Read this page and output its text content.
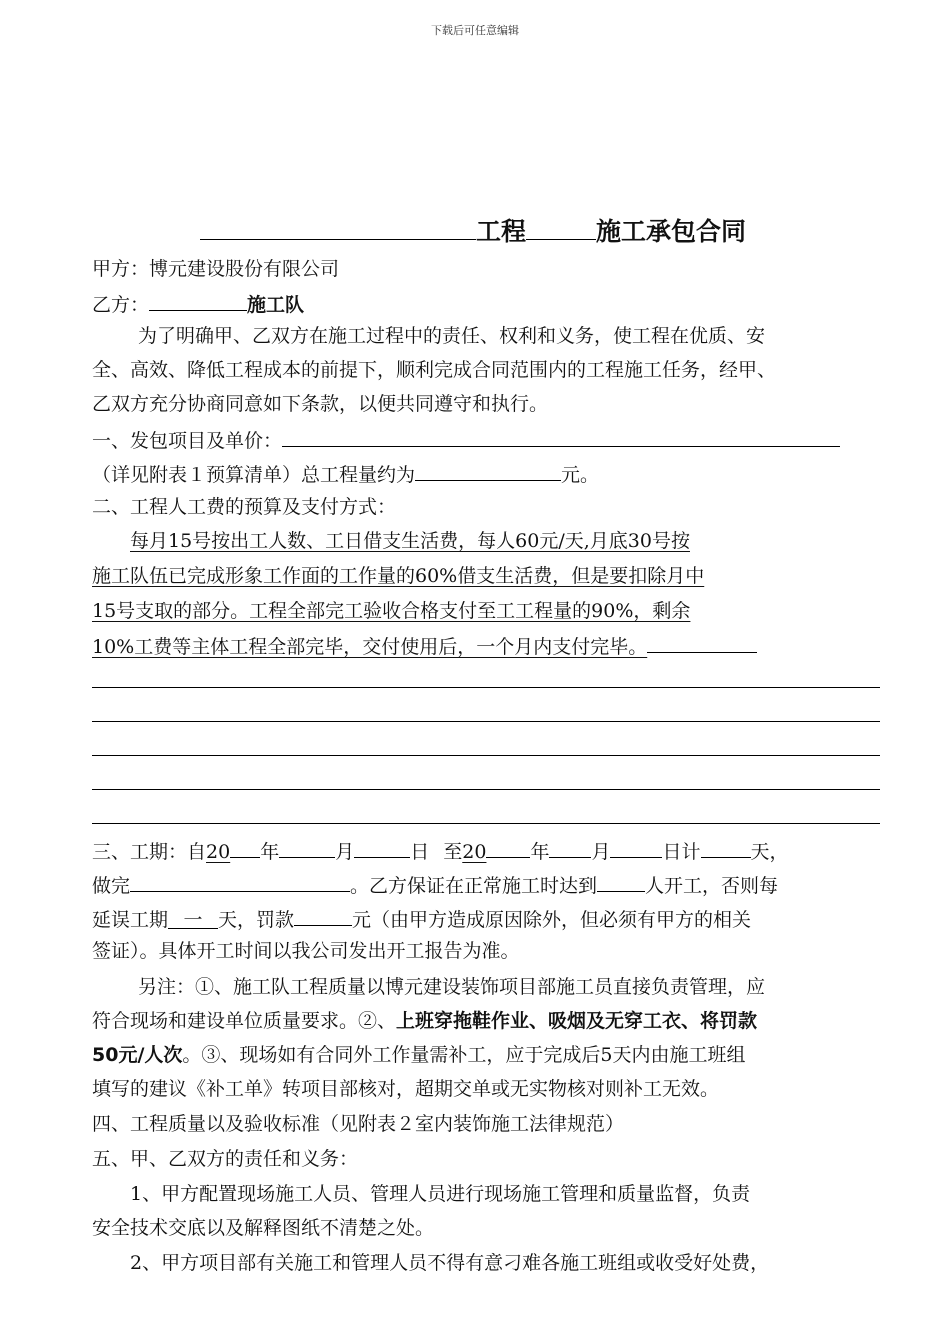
下载后可任意编辑
工程	施工承包合同
甲方：博元建设股份有限公司
乙方：	施工队
为了明确甲、乙双方在施工过程中的责任、权利和义务，使工程在优质、安
全、高效、降低工程成本的前提下，顺利完成合同范围内的工程施工任务，经甲、
乙双方充分协商同意如下条款，以便共同遵守和执行。
一、发包项目及单价：
（详见附表１预算清单）总工程量约为	元。
二、工程人工费的预算及支付方式：
每月15号按出工人数、工日借支生活费，每人60元/天,月底30号按
施工队伍已完成形象工作面的工作量的60%借支生活费，但是要扣除月中
15号支取的部分。工程全部完工验收合格支付至工工程量的90%，剩余
10%工费等主体工程全部完毕，交付使用后，一个月内支付完毕。
三、工期：自20 年	月	日 至20 年 月	日计	天，
做完	。乙方保证在正常施工时达到	人开工，否则每
延误工期 一 天，罚款	元（由甲方造成原因除外，但必须有甲方的相关
签证）。具体开工时间以我公司发出开工报告为准。
另注：①、施工队工程质量以博元建设装饰项目部施工员直接负责管理，应
符合现场和建设单位质量要求。②、上班穿拖鞋作业、吸烟及无穿工衣、将罚款
50元/人次。③、现场如有合同外工作量需补工，应于完成后5天内由施工班组
填写的建议《补工单》转项目部核对，超期交单或无实物核对则补工无效。
四、工程质量以及验收标准（见附表２室内装饰施工法律规范）
五、甲、乙双方的责任和义务：
1、甲方配置现场施工人员、管理人员进行现场施工管理和质量监督，负责
安全技术交底以及解释图纸不清楚之处。
2、甲方项目部有关施工和管理人员不得有意刁难各施工班组或收受好处费，
